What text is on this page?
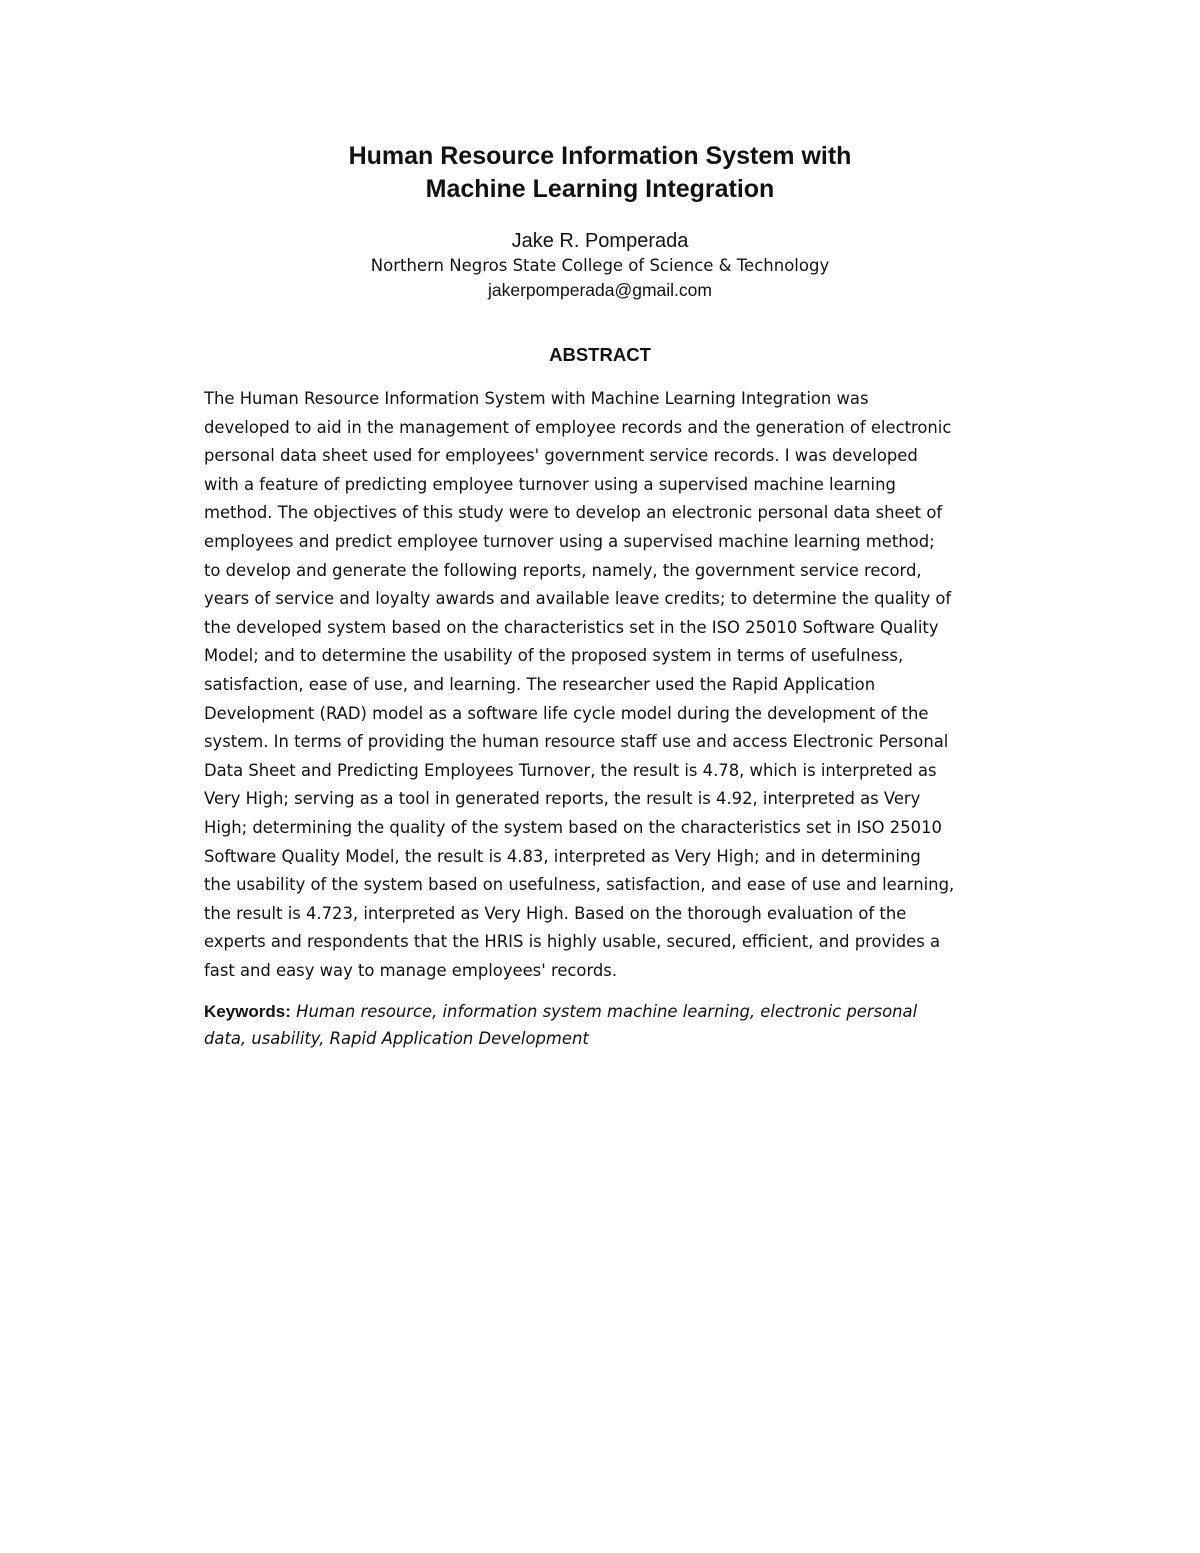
Human Resource Information System with
Machine Learning Integration
Jake R. Pomperada
Northern Negros State College of Science & Technology
jakerpomperada@gmail.com
ABSTRACT

The Human Resource Information System with Machine Learning Integration was
developed to aid in the management of employee records and the generation of electronic
personal data sheet used for employees' government service records. I was developed
with a feature of predicting employee turnover using a supervised machine learning
method. The objectives of this study were to develop an electronic personal data sheet of
employees and predict employee turnover using a supervised machine learning method;
to develop and generate the following reports, namely, the government service record,
years of service and loyalty awards and available leave credits; to determine the quality of
the developed system based on the characteristics set in the ISO 25010 Software Quality
Model; and to determine the usability of the proposed system in terms of usefulness,
satisfaction, ease of use, and learning. The researcher used the Rapid Application
Development (RAD) model as a software life cycle model during the development of the
system. In terms of providing the human resource staff use and access Electronic Personal
Data Sheet and Predicting Employees Turnover, the result is 4.78, which is interpreted as
Very High; serving as a tool in generated reports, the result is 4.92, interpreted as Very
High; determining the quality of the system based on the characteristics set in ISO 25010
Software Quality Model, the result is 4.83, interpreted as Very High; and in determining
the usability of the system based on usefulness, satisfaction, and ease of use and learning,
the result is 4.723, interpreted as Very High. Based on the thorough evaluation of the
experts and respondents that the HRIS is highly usable, secured, efficient, and provides a
fast and easy way to manage employees' records.

Keywords: Human resource, information system machine learning, electronic personal
data, usability, Rapid Application Development
